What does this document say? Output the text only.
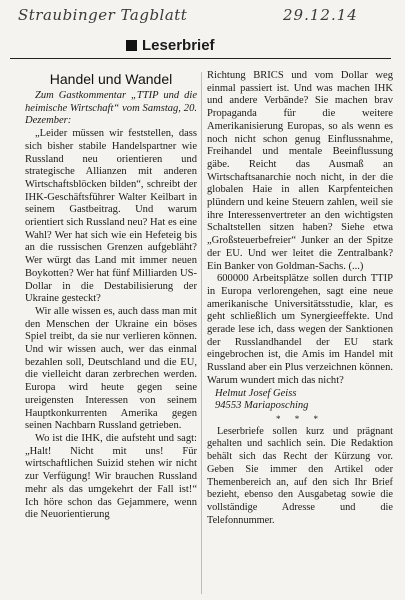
Straubinger Tagblatt	29.12.14
Leserbrief
Handel und Wandel

Zum Gastkommentar „TTIP und die heimische Wirtschaft“ vom Samstag, 20. Dezember:

„Leider müssen wir feststellen, dass sich bisher stabile Handelspartner wie Russland neu orientieren und strategische Allianzen mit anderen Wirtschaftsblöcken bilden“, schreibt der IHK-Geschäftsführer Walter Keilbart in seinem Gastbeitrag. Und warum orientiert sich Russland neu? Hat es eine Wahl? Wer hat sich wie ein Hefeteig bis an die russischen Grenzen aufgebläht? Wer würgt das Land mit immer neuen Boykotten? Wer hat fünf Milliarden US-Dollar in die Destabilisierung der Ukraine gesteckt?

Wir alle wissen es, auch dass man mit den Menschen der Ukraine ein böses Spiel treibt, da sie nur verlieren können. Und wir wissen auch, wer das einmal bezahlen soll, Deutschland und die EU, die vielleicht daran zerbrechen werden. Europa wird heute gegen seine ureigensten Interessen von seinem Hauptkonkurrenten Amerika gegen seinen Nachbarn Russland getrieben.

Wo ist die IHK, die aufsteht und sagt: „Halt! Nicht mit uns! Für wirtschaftlichen Suizid stehen wir nicht zur Verfügung! Wir brauchen Russland mehr als das umgekehrt der Fall ist!“ Ich höre schon das Gejammere, wenn die Neuorientierung

Richtung BRICS und vom Dollar weg einmal passiert ist. Und was machen IHK und andere Verbände? Sie machen brav Propaganda für die weitere Amerikanisierung Europas, so als wenn es noch nicht schon genug Einflussnahme, Freihandel und mentale Beeinflussung gäbe. Reicht das Ausmaß an Wirtschaftsanarchie noch nicht, in der die globalen Haie in allen Karpfenteichen plündern und keine Steuern zahlen, weil sie ihre Interessenvertreter an den wichtigsten Schaltstellen sitzen haben? Siehe etwa „Großsteuerbefreier“ Junker an der Spitze der EU. Und wer leitet die Zentralbank? Ein Banker von Goldman-Sachs. (...)

600000 Arbeitsplätze sollen durch TTIP in Europa verlorengehen, sagt eine neue amerikanische Universitätsstudie, klar, es geht schließlich um Synergieeffekte. Und gerade lese ich, dass wegen der Sanktionen der Russlandhandel der EU stark eingebrochen ist, die Amis im Handel mit Russland aber ein Plus verzeichnen können. Warum wundert mich das nicht?

Helmut Josef Geiss

94553 Mariaposching

* * *

Leserbriefe sollen kurz und prägnant gehalten und sachlich sein. Die Redaktion behält sich das Recht der Kürzung vor. Geben Sie immer den Artikel oder Themenbereich an, auf den sich Ihr Brief bezieht, ebenso den Ausgabetag sowie die vollständige Adresse und die Telefonnummer.
